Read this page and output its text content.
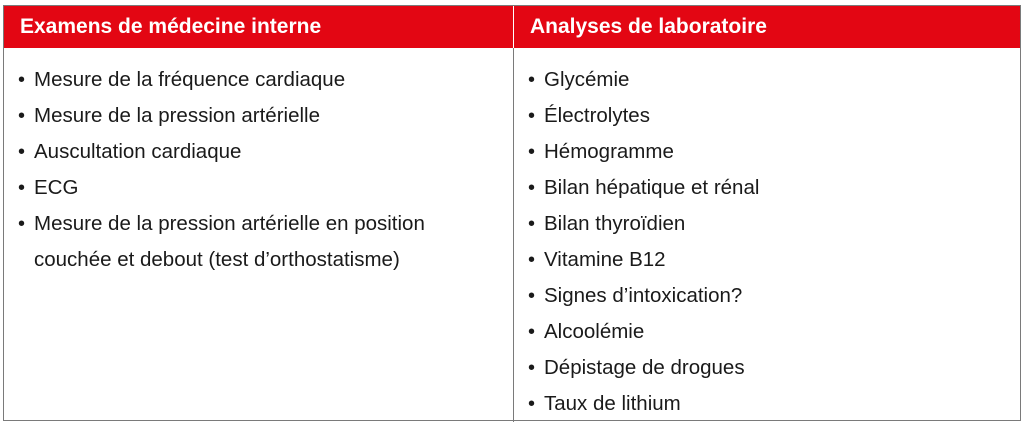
Examens de médecine interne	Analyses de laboratoire
• Mesure de la fréquence cardiaque
• Mesure de la pression artérielle
• Auscultation cardiaque
• ECG
• Mesure de la pression artérielle en position couchée et debout (test d’orthostatisme)
• Glycémie
• Électrolytes
• Hémogramme
• Bilan hépatique et rénal
• Bilan thyroïdien
• Vitamine B12
• Signes d’intoxication?
• Alcoolémie
• Dépistage de drogues
• Taux de lithium
